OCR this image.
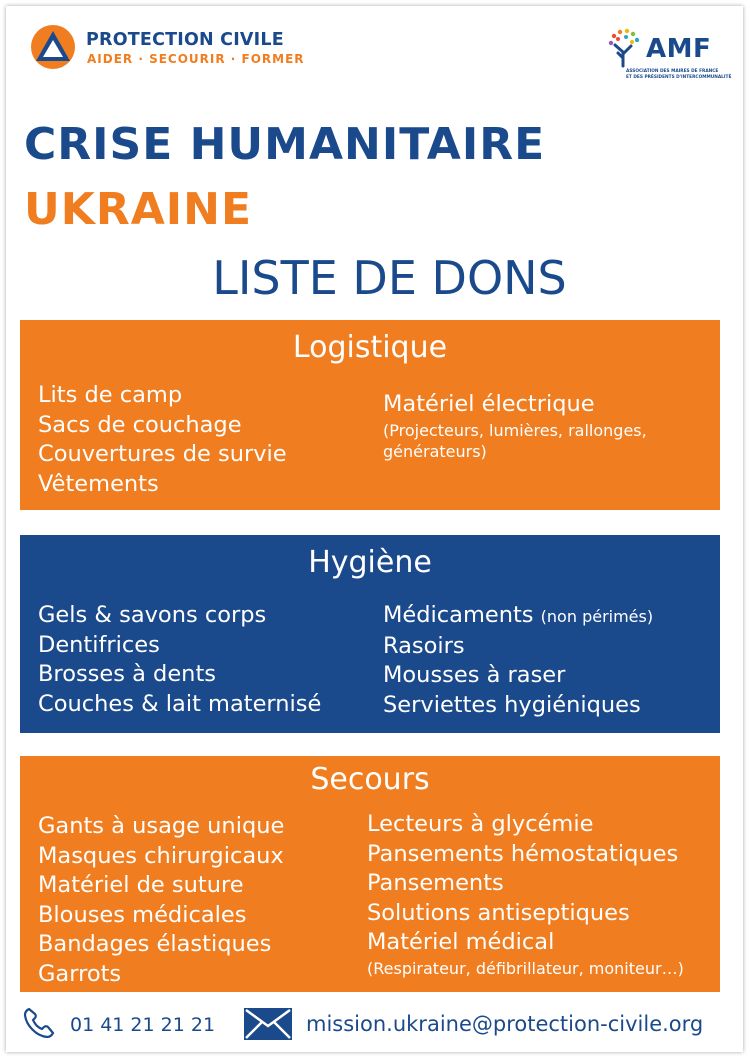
PROTECTION CIVILE
AIDER · SECOURIR · FORMER	AMF
ASSOCIATION DES MAIRES DE FRANCE
ET DES PRÉSIDENTS D'INTERCOMMUNALITÉ
CRISE HUMANITAIRE
UKRAINE
LISTE DE DONS
Logistique
Lits de camp
Sacs de couchage
Couvertures de survie
Vêtements
Matériel électrique
(Projecteurs, lumières, rallonges,
générateurs)
Hygiène
Gels & savons corps
Dentifrices
Brosses à dents
Couches & lait maternisé
Médicaments (non périmés)
Rasoirs
Mousses à raser
Serviettes hygiéniques
Secours
Gants à usage unique
Masques chirurgicaux
Matériel de suture
Blouses médicales
Bandages élastiques
Garrots
Lecteurs à glycémie
Pansements hémostatiques
Pansements
Solutions antiseptiques
Matériel médical
(Respirateur, défibrillateur, moniteur…)
01 41 21 21 21	mission.ukraine@protection-civile.org
